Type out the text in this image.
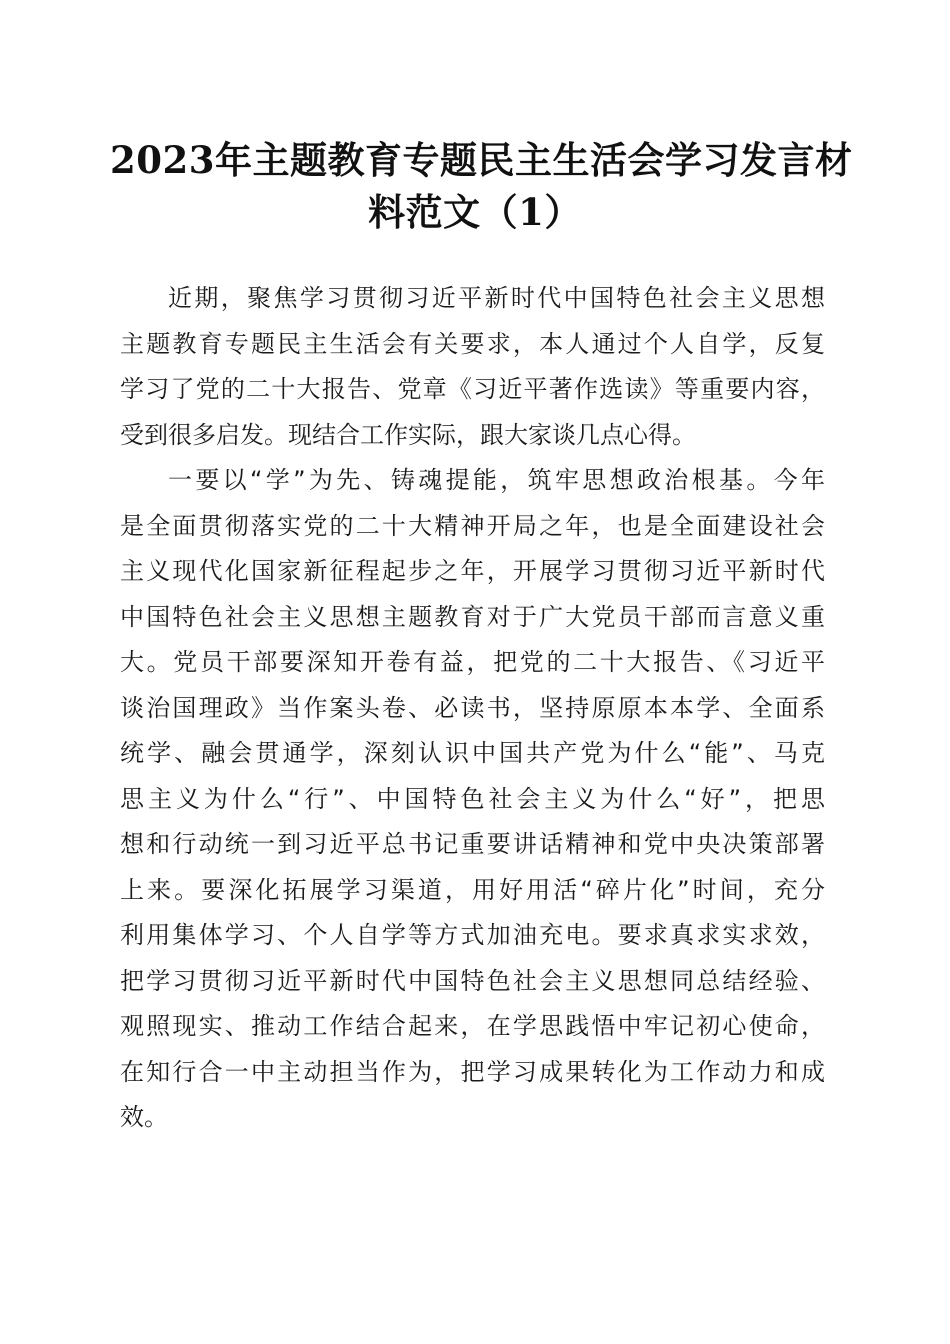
2023年主题教育专题民主生活会学习发言材
料范文（1）
近期，聚焦学习贯彻习近平新时代中国特色社会主义思想
主题教育专题民主生活会有关要求，本人通过个人自学，反复
学习了党的二十大报告、党章《习近平著作选读》等重要内容，
受到很多启发。现结合工作实际，跟大家谈几点心得。
一要以“学”为先、铸魂提能，筑牢思想政治根基。今年
是全面贯彻落实党的二十大精神开局之年，也是全面建设社会
主义现代化国家新征程起步之年，开展学习贯彻习近平新时代
中国特色社会主义思想主题教育对于广大党员干部而言意义重
大。党员干部要深知开卷有益，把党的二十大报告、《习近平
谈治国理政》当作案头卷、必读书，坚持原原本本学、全面系
统学、融会贯通学，深刻认识中国共产党为什么“能”、马克
思主义为什么“行”、中国特色社会主义为什么“好”，把思
想和行动统一到习近平总书记重要讲话精神和党中央决策部署
上来。要深化拓展学习渠道，用好用活“碎片化”时间，充分
利用集体学习、个人自学等方式加油充电。要求真求实求效，
把学习贯彻习近平新时代中国特色社会主义思想同总结经验、
观照现实、推动工作结合起来，在学思践悟中牢记初心使命，
在知行合一中主动担当作为，把学习成果转化为工作动力和成
效。
